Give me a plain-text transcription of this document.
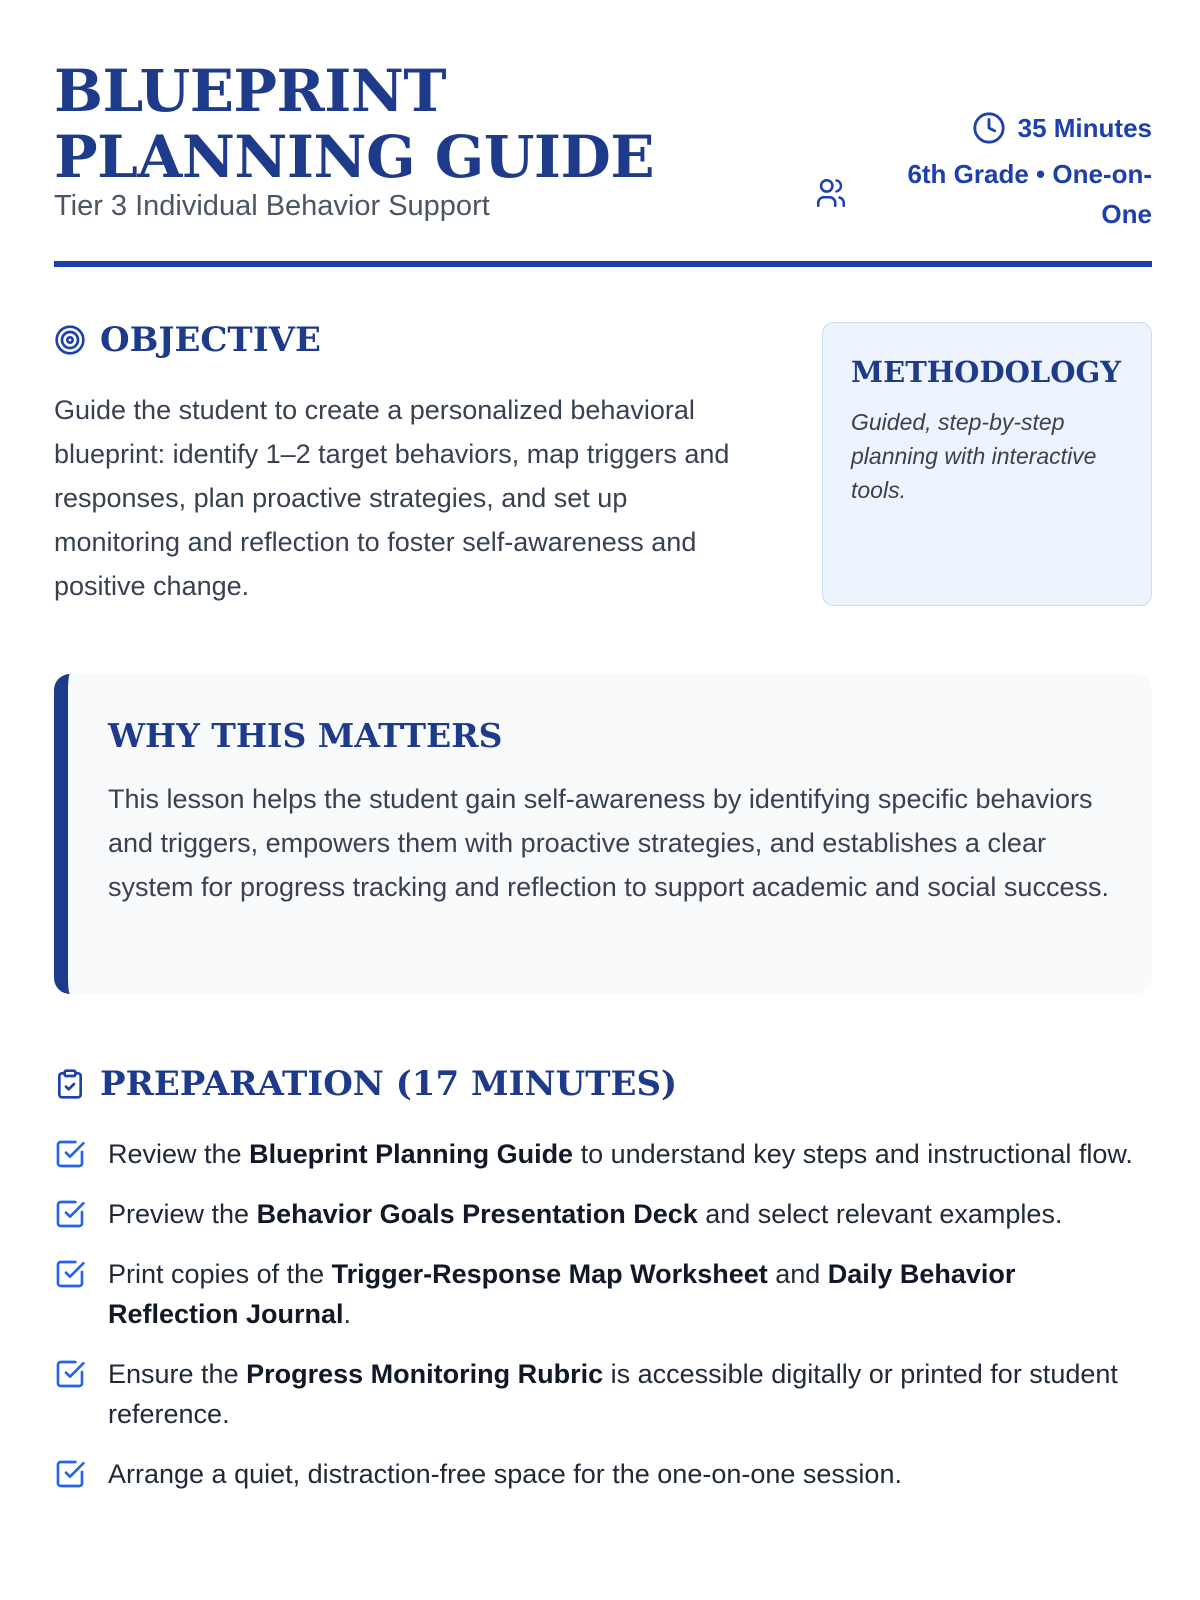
BLUEPRINT PLANNING GUIDE
Tier 3 Individual Behavior Support
35 Minutes
6th Grade • One-on-One
OBJECTIVE

Guide the student to create a personalized behavioral blueprint: identify 1–2 target behaviors, map triggers and responses, plan proactive strategies, and set up monitoring and reflection to foster self-awareness and positive change.

METHODOLOGY

Guided, step-by-step planning with interactive tools.

WHY THIS MATTERS

This lesson helps the student gain self-awareness by identifying specific behaviors and triggers, empowers them with proactive strategies, and establishes a clear system for progress tracking and reflection to support academic and social success.

PREPARATION (17 MINUTES)
Review the Blueprint Planning Guide to understand key steps and instructional flow.
Preview the Behavior Goals Presentation Deck and select relevant examples.
Print copies of the Trigger-Response Map Worksheet and Daily Behavior Reflection Journal.
Ensure the Progress Monitoring Rubric is accessible digitally or printed for student reference.
Arrange a quiet, distraction-free space for the one-on-one session.
